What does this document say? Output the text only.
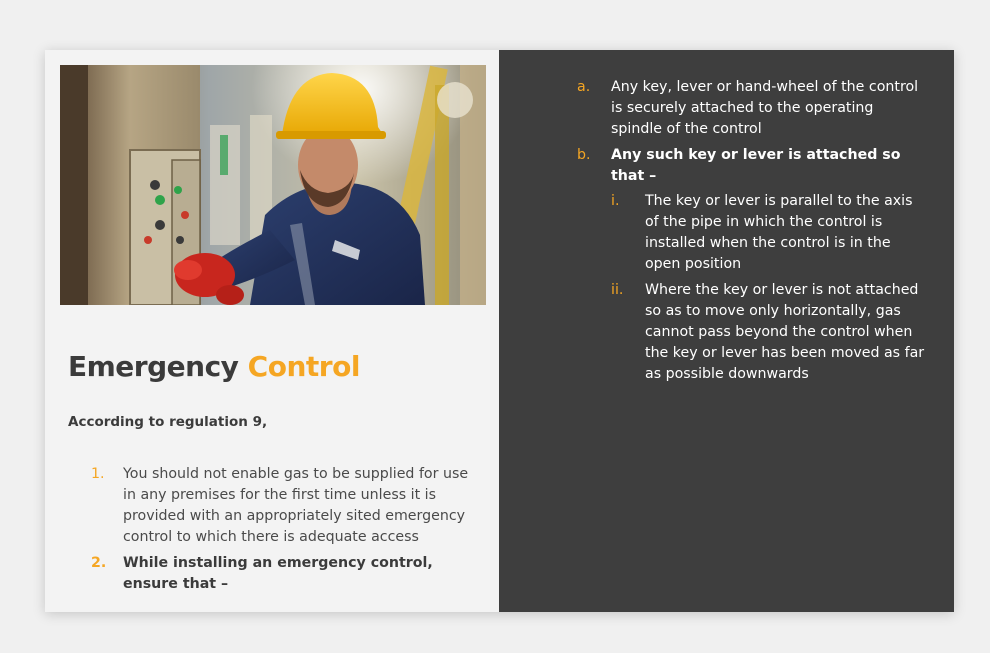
Emergency Control
According to regulation 9,
1. You should not enable gas to be supplied for use in any premises for the first time unless it is provided with an appropriately sited emergency control to which there is adequate access
2. While installing an emergency control, ensure that –
a. Any key, lever or hand-wheel of the control is securely attached to the operating spindle of the control
b. Any such key or lever is attached so that –
i. The key or lever is parallel to the axis of the pipe in which the control is installed when the control is in the open position
ii. Where the key or lever is not attached so as to move only horizontally, gas cannot pass beyond the control when the key or lever has been moved as far as possible downwards
